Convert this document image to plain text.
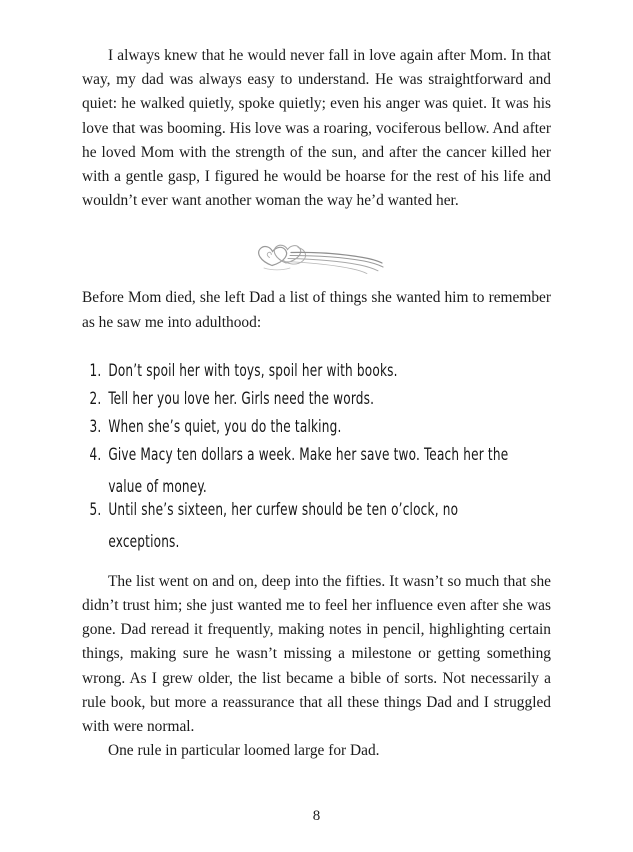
I always knew that he would never fall in love again after Mom. In that way, my dad was always easy to understand. He was straightforward and quiet: he walked quietly, spoke quietly; even his anger was quiet. It was his love that was booming. His love was a roaring, vociferous bellow. And after he loved Mom with the strength of the sun, and after the cancer killed her with a gentle gasp, I figured he would be hoarse for the rest of his life and wouldn’t ever want another woman the way he’d wanted her.

Before Mom died, she left Dad a list of things she wanted him to remember as he saw me into adulthood:

1. Don’t spoil her with toys, spoil her with books.
2. Tell her you love her. Girls need the words.
3. When she’s quiet, you do the talking.
4. Give Macy ten dollars a week. Make her save two. Teach her the value of money.
5. Until she’s sixteen, her curfew should be ten o’clock, no exceptions.

The list went on and on, deep into the fifties. It wasn’t so much that she didn’t trust him; she just wanted me to feel her influence even after she was gone. Dad reread it frequently, making notes in pencil, highlighting certain things, making sure he wasn’t missing a milestone or getting something wrong. As I grew older, the list became a bible of sorts. Not necessarily a rule book, but more a reassurance that all these things Dad and I struggled with were normal.

One rule in particular loomed large for Dad.

8
